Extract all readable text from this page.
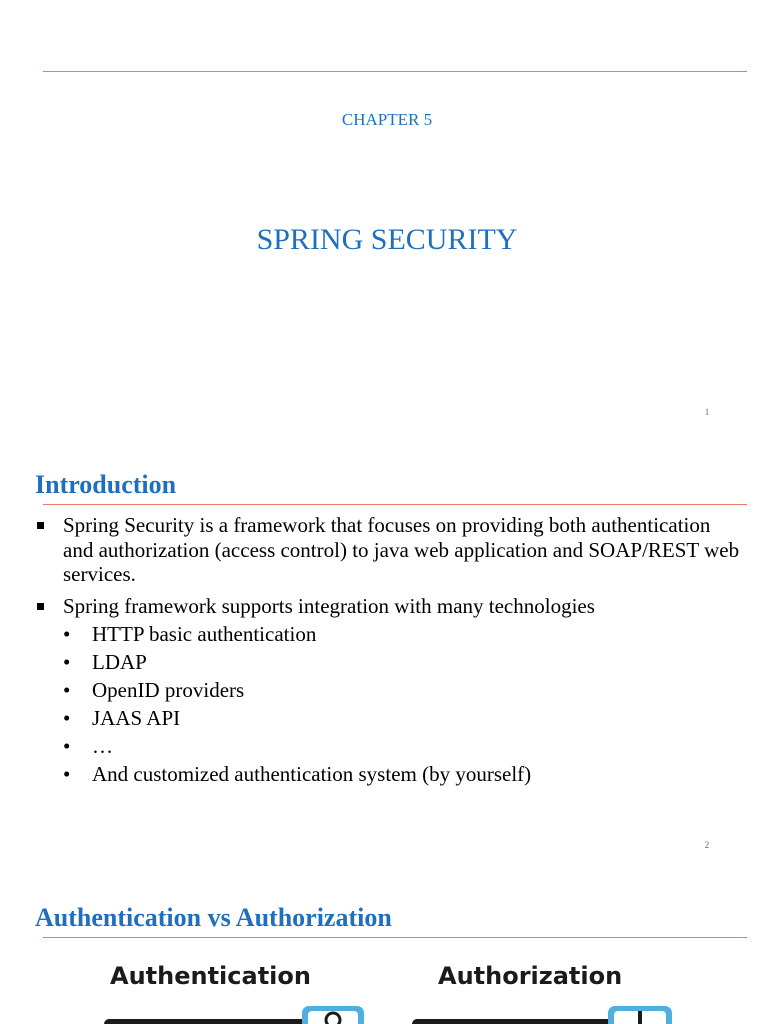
CHAPTER 5
SPRING SECURITY
1
Introduction
Spring Security is a framework that focuses on providing both authentication and authorization (access control) to java web application and SOAP/REST web services.
Spring framework supports integration with many technologies
• HTTP basic authentication
• LDAP
• OpenID providers
• JAAS API
• …
• And customized authentication system (by yourself)
2
Authentication vs Authorization
Authentication	Authorization
